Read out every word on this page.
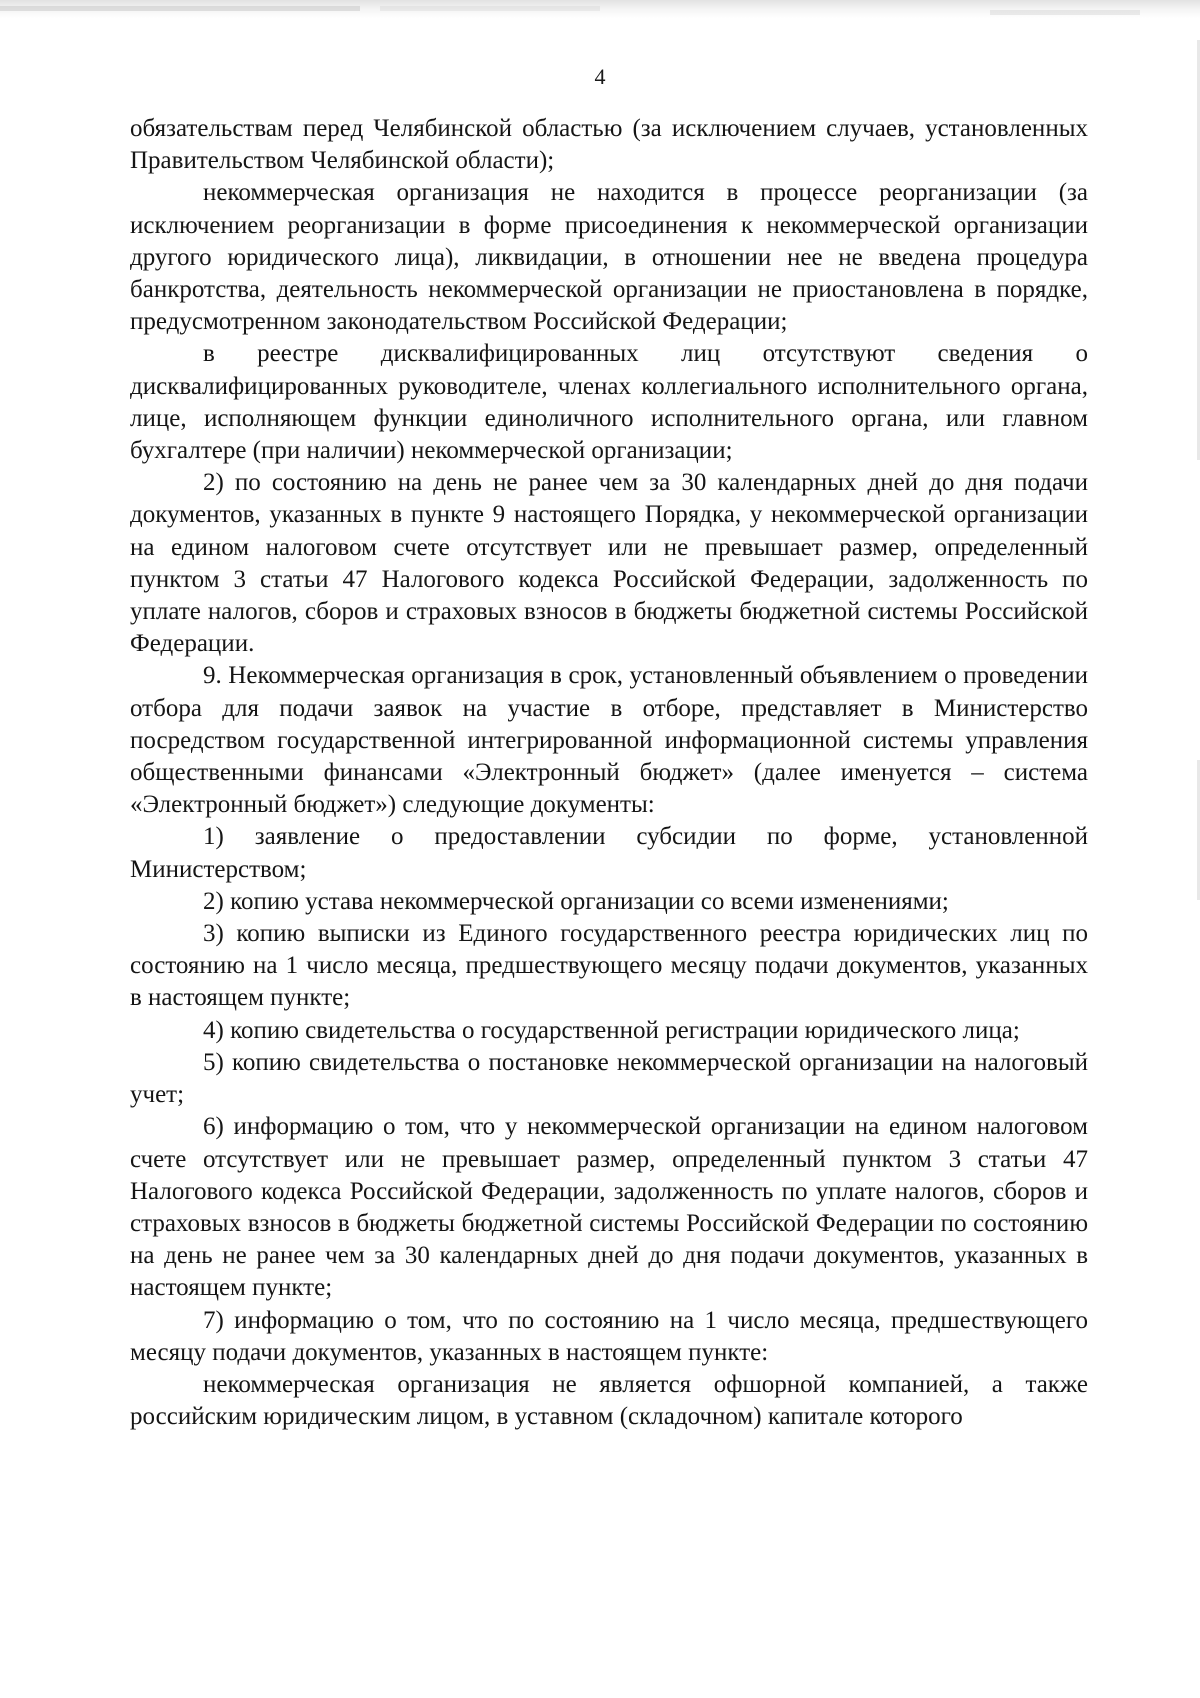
4

обязательствам перед Челябинской областью (за исключением случаев, установленных Правительством Челябинской области);

некоммерческая организация не находится в процессе реорганизации (за исключением реорганизации в форме присоединения к некоммерческой организации другого юридического лица), ликвидации, в отношении нее не введена процедура банкротства, деятельность некоммерческой организации не приостановлена в порядке, предусмотренном законодательством Российской Федерации;

в реестре дисквалифицированных лиц отсутствуют сведения о дисквалифицированных руководителе, членах коллегиального исполнительного органа, лице, исполняющем функции единоличного исполнительного органа, или главном бухгалтере (при наличии) некоммерческой организации;

2) по состоянию на день не ранее чем за 30 календарных дней до дня подачи документов, указанных в пункте 9 настоящего Порядка, у некоммерческой организации на едином налоговом счете отсутствует или не превышает размер, определенный пунктом 3 статьи 47 Налогового кодекса Российской Федерации, задолженность по уплате налогов, сборов и страховых взносов в бюджеты бюджетной системы Российской Федерации.

9. Некоммерческая организация в срок, установленный объявлением о проведении отбора для подачи заявок на участие в отборе, представляет в Министерство посредством государственной интегрированной информационной системы управления общественными финансами «Электронный бюджет» (далее именуется – система «Электронный бюджет») следующие документы:

1) заявление о предоставлении субсидии по форме, установленной Министерством;

2) копию устава некоммерческой организации со всеми изменениями;

3) копию выписки из Единого государственного реестра юридических лиц по состоянию на 1 число месяца, предшествующего месяцу подачи документов, указанных в настоящем пункте;

4) копию свидетельства о государственной регистрации юридического лица;

5) копию свидетельства о постановке некоммерческой организации на налоговый учет;

6) информацию о том, что у некоммерческой организации на едином налоговом счете отсутствует или не превышает размер, определенный пунктом 3 статьи 47 Налогового кодекса Российской Федерации, задолженность по уплате налогов, сборов и страховых взносов в бюджеты бюджетной системы Российской Федерации по состоянию на день не ранее чем за 30 календарных дней до дня подачи документов, указанных в настоящем пункте;

7) информацию о том, что по состоянию на 1 число месяца, предшествующего месяцу подачи документов, указанных в настоящем пункте:

некоммерческая организация не является офшорной компанией, а также российским юридическим лицом, в уставном (складочном) капитале которого
